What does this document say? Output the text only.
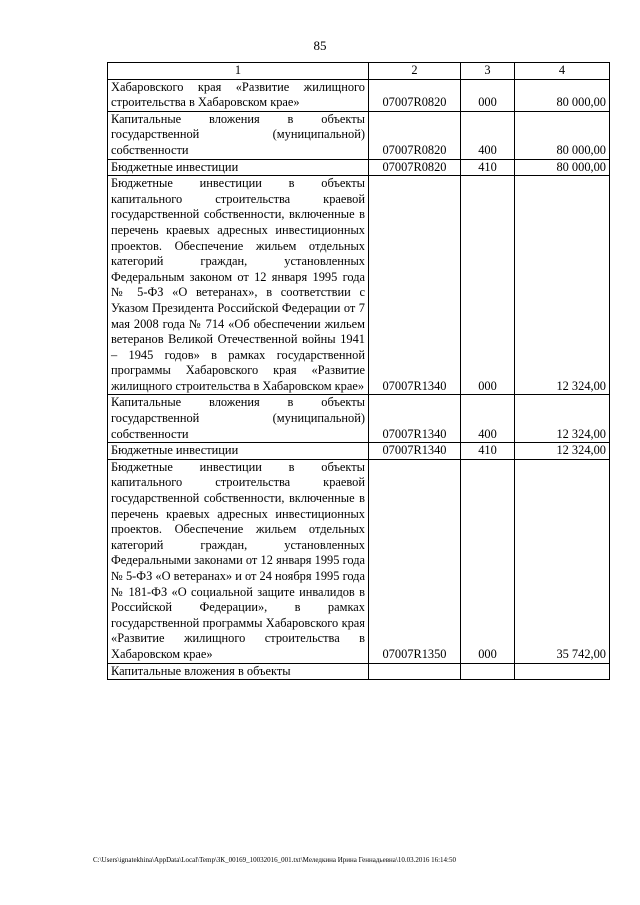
85
1	2	3	4
Хабаровского края «Развитие жилищного строительства в Хабаровском крае»	07007R0820	000	80 000,00
Капитальные вложения в объекты государственной (муниципальной) собственности	07007R0820	400	80 000,00
Бюджетные инвестиции	07007R0820	410	80 000,00
Бюджетные инвестиции в объекты капитального строительства краевой государственной собственности, включенные в перечень краевых адресных инвестиционных проектов. Обеспечение жильем отдельных категорий граждан, установленных Федеральным законом от 12 января 1995 года № 5-ФЗ «О ветеранах», в соответствии с Указом Президента Российской Федерации от 7 мая 2008 года № 714 «Об обеспечении жильем ветеранов Великой Отечественной войны 1941 – 1945 годов» в рамках государственной программы Хабаровского края «Развитие жилищного строительства в Хабаровском крае»	07007R1340	000	12 324,00
Капитальные вложения в объекты государственной (муниципальной) собственности	07007R1340	400	12 324,00
Бюджетные инвестиции	07007R1340	410	12 324,00
Бюджетные инвестиции в объекты капитального строительства краевой государственной собственности, включенные в перечень краевых адресных инвестиционных проектов. Обеспечение жильем отдельных категорий граждан, установленных Федеральными законами от 12 января 1995 года № 5-ФЗ «О ветеранах» и от 24 ноября 1995 года № 181-ФЗ «О социальной защите инвалидов в Российской Федерации», в рамках государственной программы Хабаровского края «Развитие жилищного строительства в Хабаровском крае»	07007R1350	000	35 742,00
Капитальные вложения в объекты			
C:\Users\ignatekhina\AppData\Local\Temp\ЗК_00169_10032016_001.txt\Меледкина Ирина Геннадьевна\10.03.2016 16:14:50
